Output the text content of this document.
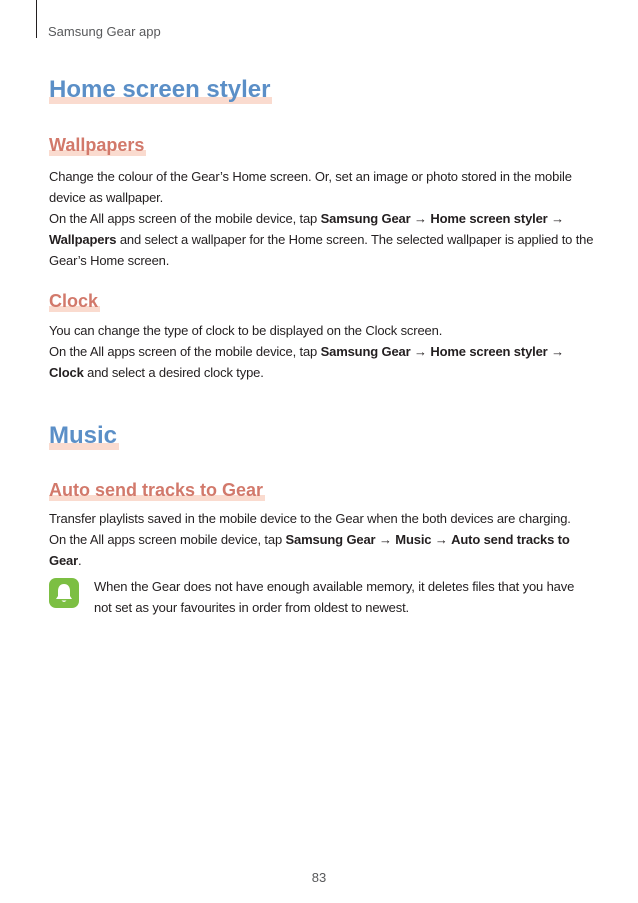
Samsung Gear app
Home screen styler
Wallpapers

Change the colour of the Gear’s Home screen. Or, set an image or photo stored in the mobile device as wallpaper.

On the All apps screen of the mobile device, tap Samsung Gear → Home screen styler → Wallpapers and select a wallpaper for the Home screen. The selected wallpaper is applied to the Gear’s Home screen.

Clock

You can change the type of clock to be displayed on the Clock screen.

On the All apps screen of the mobile device, tap Samsung Gear → Home screen styler → Clock and select a desired clock type.

Music
Auto send tracks to Gear

Transfer playlists saved in the mobile device to the Gear when the both devices are charging.

On the All apps screen mobile device, tap Samsung Gear → Music → Auto send tracks to Gear.

When the Gear does not have enough available memory, it deletes files that you have not set as your favourites in order from oldest to newest.

83
